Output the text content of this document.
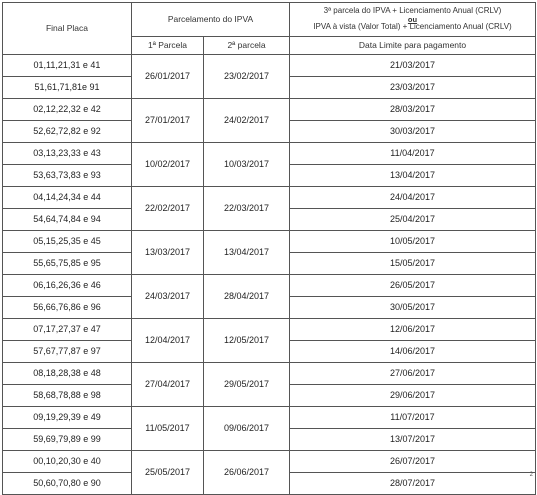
Final Placa	Parcelamento do IPVA		3ª parcela do IPVA + Licenciamento Anual (CRLV)
ou
IPVA à vista (Valor Total) + Licenciamento Anual (CRLV)

	1ª Parcela	2ª parcela	Data Limite para pagamento
01,11,21,31 e 41	26/01/2017	23/02/2017	21/03/2017
51,61,71,81e 91			23/03/2017
02,12,22,32 e 42	27/01/2017	24/02/2017	28/03/2017
52,62,72,82 e 92			30/03/2017
03,13,23,33 e 43	10/02/2017	10/03/2017	11/04/2017
53,63,73,83 e 93			13/04/2017
04,14,24,34 e 44	22/02/2017	22/03/2017	24/04/2017
54,64,74,84 e 94			25/04/2017
05,15,25,35 e 45	13/03/2017	13/04/2017	10/05/2017
55,65,75,85 e 95			15/05/2017
06,16,26,36 e 46	24/03/2017	28/04/2017	26/05/2017
56,66,76,86 e 96			30/05/2017
07,17,27,37 e 47	12/04/2017	12/05/2017	12/06/2017
57,67,77,87 e 97			14/06/2017
08,18,28,38 e 48	27/04/2017	29/05/2017	27/06/2017
58,68,78,88 e 98			29/06/2017
09,19,29,39 e 49	11/05/2017	09/06/2017	11/07/2017
59,69,79,89 e 99			13/07/2017
00,10,20,30 e 40	25/05/2017	26/06/2017	26/07/2017
50,60,70,80 e 90			28/07/2017
2
